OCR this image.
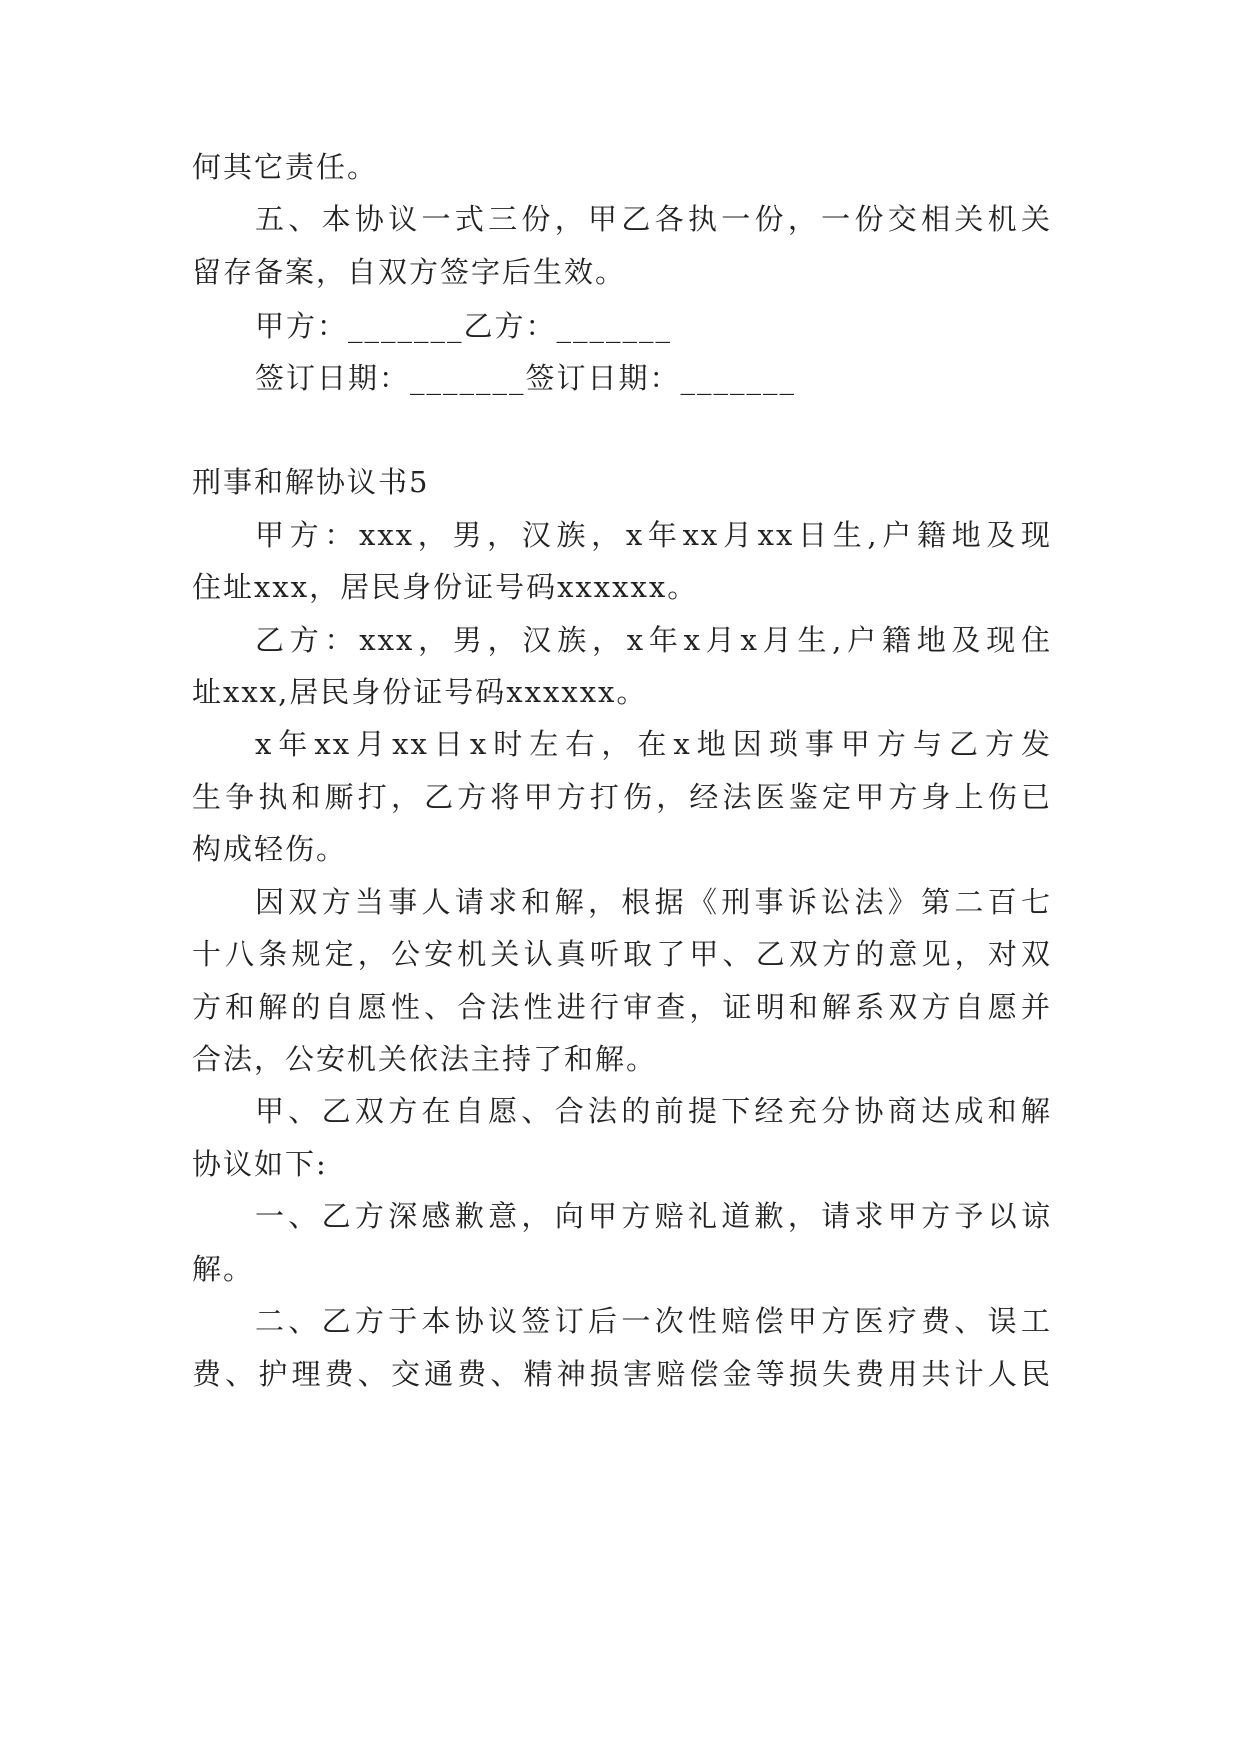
何其它责任。
五、本协议一式三份，甲乙各执一份，一份交相关机关
留存备案，自双方签字后生效。
甲方：_______乙方：_______
签订日期：_______签订日期：_______
刑事和解协议书5
甲方：xxx，男，汉族，x年xx月xx日生,户籍地及现
住址xxx，居民身份证号码xxxxxx。
乙方：xxx，男，汉族，x年x月x月生,户籍地及现住
址xxx,居民身份证号码xxxxxx。
x年xx月xx日x时左右，在x地因琐事甲方与乙方发
生争执和厮打，乙方将甲方打伤，经法医鉴定甲方身上伤已
构成轻伤。
因双方当事人请求和解，根据《刑事诉讼法》第二百七
十八条规定，公安机关认真听取了甲、乙双方的意见，对双
方和解的自愿性、合法性进行审查，证明和解系双方自愿并
合法，公安机关依法主持了和解。
甲、乙双方在自愿、合法的前提下经充分协商达成和解
协议如下:
一、乙方深感歉意，向甲方赔礼道歉，请求甲方予以谅
解。
二、乙方于本协议签订后一次性赔偿甲方医疗费、误工
费、护理费、交通费、精神损害赔偿金等损失费用共计人民
